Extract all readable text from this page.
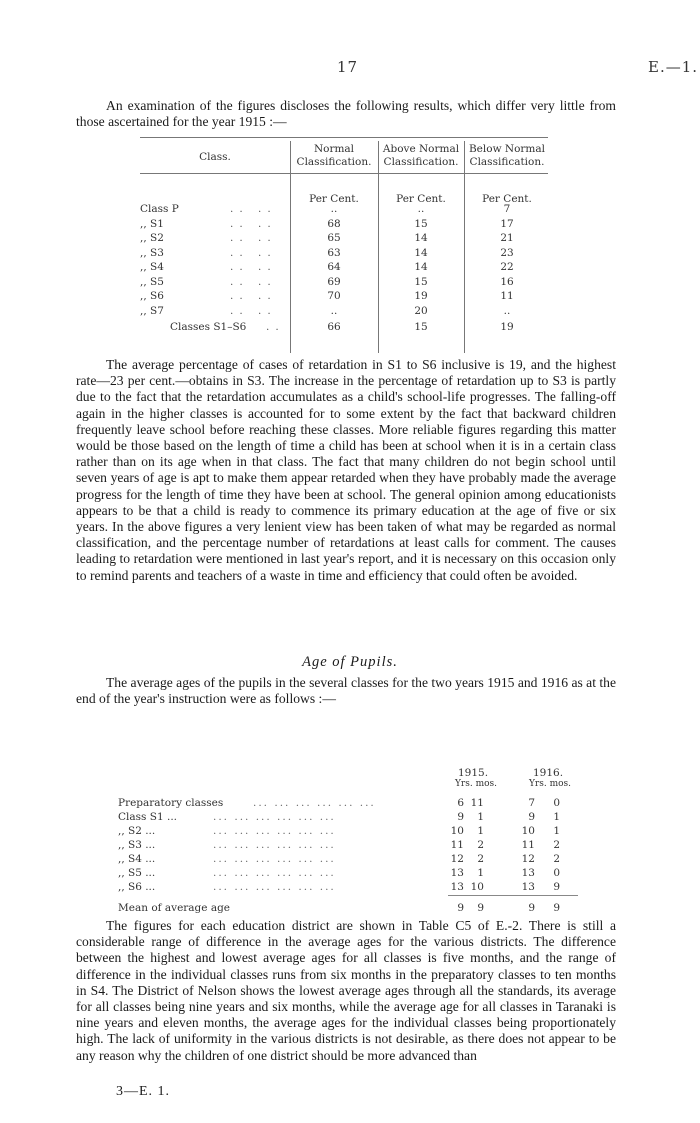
17	E.—1.

An examination of the figures discloses the following results, which differ very little from those ascertained for the year 1915 :—

Class.
Normal
Classification.
Above Normal
Classification.
Below Normal
Classification.
Per Cent.	Per Cent.	Per Cent.
Class P	.. ..	..	..	7
,, S1	.. ..	68	15	17
,, S2	.. ..	65	14	21
,, S3	.. ..	63	14	23
,, S4	.. ..	64	14	22
,, S5	.. ..	69	15	16
,, S6	.. ..	70	19	11
,, S7	.. ..	..	20	..
Classes S1–S6 ..	66	15	19

The average percentage of cases of retardation in S1 to S6 inclusive is 19, and the highest rate—23 per cent.—obtains in S3. The increase in the percentage of retardation up to S3 is partly due to the fact that the retardation accumulates as a child's school-life progresses. The falling-off again in the higher classes is accounted for to some extent by the fact that backward children frequently leave school before reaching these classes. More reliable figures regarding this matter would be those based on the length of time a child has been at school when it is in a certain class rather than on its age when in that class. The fact that many children do not begin school until seven years of age is apt to make them appear retarded when they have probably made the average progress for the length of time they have been at school. The general opinion among educationists appears to be that a child is ready to commence its primary education at the age of five or six years. In the above figures a very lenient view has been taken of what may be regarded as normal classification, and the percentage number of retardations at least calls for comment. The causes leading to retardation were mentioned in last year's report, and it is necessary on this occasion only to remind parents and teachers of a waste in time and efficiency that could often be avoided.

Age of Pupils.

The average ages of the pupils in the several classes for the two years 1915 and 1916 as at the end of the year's instruction were as follows :—

1915.	1916.
Yrs. mos.	Yrs. mos.
... ... ... ... ... ...
Preparatory classes	6 11	7	0
... ... ... ... ... ...
Class S1 ...	9	1	9	1
... ... ... ... ... ...
,, S2 ...	10	1	10	1
... ... ... ... ... ...
,, S3 ...	11	2	11	2
... ... ... ... ... ...
,, S4 ...	12	2	12	2
... ... ... ... ... ...
,, S5 ...	13	1	13	0
... ... ... ... ... ...
,, S6 ...	13 10	13	9
Mean of average age	9	9	9	9

The figures for each education district are shown in Table C5 of E.-2. There is still a considerable range of difference in the average ages for the various districts. The difference between the highest and lowest average ages for all classes is five months, and the range of difference in the individual classes runs from six months in the preparatory classes to ten months in S4. The District of Nelson shows the lowest average ages through all the standards, its average for all classes being nine years and six months, while the average age for all classes in Taranaki is nine years and eleven months, the average ages for the individual classes being proportionately high. The lack of uniformity in the various districts is not desirable, as there does not appear to be any reason why the children of one district should be more advanced than

3—E. 1.
